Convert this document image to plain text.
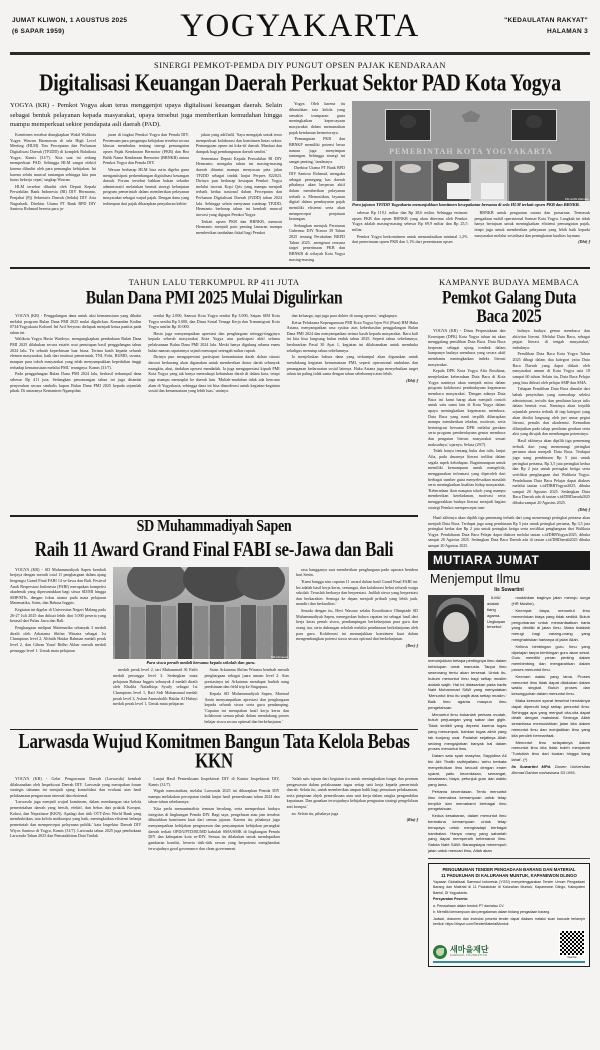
JUMAT KLIWON, 1 AGUSTUS 2025
(6 SAPAR 1959)	YOGYAKARTA	"KEDAULATAN RAKYAT"
HALAMAN 3
SINERGI PEMKOT-PEMDA DIY PUNGUT OPSEN PAJAK KENDARAAN
Digitalisasi Keuangan Daerah Perkuat Sektor PAD Kota Yogya
YOGYA (KR) - Pemkot Yogya akan terus menggenjot upaya digitalisasi keuangan daerah. Selain sebagai bentuk pelayanan kepada masyarakat, upaya tersebut juga memberikan kemudahan hingga mampu memperkuat sektor pendapata asli daerah (PAD).

Komitmen tersebut diungkapkan Wakil Walikota Yogya Wawan Harmawan di sela High Level Meeting (HLM) Tim Percepatan dan Perluasan Digitalisasi Daerah (TP2DD) di komplek Balaikota Yogya, Kamis (31/7). 'Kita saat ini sedang memperkuat PAD. Sehingga HLM sangat efektif karena dihadiri oleh para pemangku kebijakan. Ini karena selalu muncul tantangan sehingga kita pun harus bekerja cepat,' ungkap Wawan.

HLM tersebut dihadiri oleh Deputi Kepala Perwakilan Bank Indonesia (BI) DIY Hermanto, Penjabat (Pj) Sekretaris Daerah (Sekda) DIY Aria Nugrahadi, Direktur Utama PT Bank BPD DIY Santoso Rohmad beserta para ja-

jaran di tingkat Pemkot Yogya dan Pemda DIY. Pertemuan para pengampu kebijakan tersebut secara khusus membahas tentang sinergi pemungutan opsen Pajak Kendaraan Bermotor (PKB) dan Bea Balik Nama Kendaraan Bermotor (BBNKB) antara Pemkot Yogya dan Pemda DIY.

Wawan berharap HLM bisa rutin digelar guna mengantisipasi perkembangan digitalisasi keuangan daerah. Forum tersebut bahkan bukan sekadar administratif melainkan bentuk sinergi kelanjutan program pemerintah dalam memberikan pelayanan masyarakat sebagai wujud pajak. Dengan dana yang terhimpun dari pajak diharapkan penyaluran kebin-

jakan yang adil/adil. 'Saya mengajak untuk terus memperkuat kolaborasi dan komitmen lintas sektor. Pemungutan opsen ini loka-tif daerah. Manfaat dan dampak bagi pembangunan daerah sendiri.'

Sementara Deputi Kepala Perwakilan BI DIY Hermanto, mengaku tahun ini masing-masing daerah dituntut mampu menyusun peta jalan TP2DD sebagai tindak lanjut Perpres 822023. Dirinya pun berharap kesiapan Pemkot Yogya melalui inovasi Kopi Qris yang mampu menjadi terbaik kedua nasional dalam Percepatan dan Perluasan Digitalisasi Daerah (P2DD) tahun 2024 lalu. Sehingga selain menyusun roadmap TP2DD, Hermanto berharap tahun ini kembali muncul inovasi yang digagas Pemkot Yogya.

Terkait opsen PKB dan BBNKB, menurut Hermanto menjadi poin penting lantaran mampu memberikan tambahan fiskal bagi Pemkot

Yogya. Oleh karena itu dibutuhkan tata kelola yang semakin transparan guna meningkatkan kepercayaan masyarakat dalam memunaikan pajak kendaraan bermotornya.

'Pemungutan PKB dan BBNKP memiliki potensi besar namun juga menyimpan tantangan. Sehingga sinergi ini sangat penting,' tandasnya.

Direktur Utama PT Bank BPD DIY Santoso Rohmad, mengaku sebagai pemegang kas daerah pihaknya akan berperan aktif dalam memberikan pelayanan terbaik a. Memastikan, layanan digital dalam pembayaran pajak memiliki efisiensi serta akan mempercepat penjatuan keuangan.

Sedangkan merujuk Peraturan Gubernur DIY Nomor 39 Tahun 2025 tentang Perubahan BKPD Tahun 2025, ,mengenai rencana target penerimaan PKB dan BBNKB di wilayah Kota Yogya masing-masing

PEMERINTAH KOTA YOGYAKARTA
KR-Ardhi Wahdan
Para jajaran TP2DD Yogyakarta menunjukkan komitmen kesepakatan bersama di sela HLM terkait opsen PKB dan BBNKB.

sebesar Rp 119,1 miliar dan Rp 38,6 miliar. Sehingga estimasi opsen PKB dan opsen BBNKB yang akan diterima oleh Pemkot Yogya adalah masing-masing sebesar Rp 69,9 miliar dan Rp 25,5 miliar.

Pemkot Yogya berkomitmen untuk memanfaatkan minimal 1,2% dari penerimaan opsen PKB dan 1,1% dari penerimaan opsen

BBNKB untuk penguatan sarana dan prasarana. Termasuk pengadaan mobil operasional Samsat Kota Yogya. Langkah ini tidak hanya bertujuan untuk meningkatkan efisiensi pemungutan pajak, tetapi juga untuk memberikan pelayanan yang lebih baik kepada masyarakat melalui sosialisasi dan peningkatan kualitas layanan.

(Dhi)-f

TAHUN LALU TERKUMPUL RP 411 JUTA
Bulan Dana PMI 2025 Mulai Digulirkan

YOGYA (KR) - Penggalangan dana untuk aksi kemanusiaan yang dibalut melalui program Bulan Dana PMI 2025 mulai digulirkan. Komandan Kodim 0734/Yogyakarta Kolonel Inf Arif Setyono dielapuk menjadi ketua panitia pada tahun ini.

Walikota Yogya Hasto Wardoyo, mengungkapkan pembukaan Bulan Dana PMI 2025 dilakukan secara estafet usai penutupan hasil penggalangan tahun 2024 lalu. Tri sebuah keperbiruan luar biasa. Terima kasih kepada seluruh elemen masyarakat, baik dari institusi pemerintah, TNI, Polri, BUMD, swasta, maupun para tokoh masyarakat yang telah menyumpukkan kepedulian tinggi terhadap kemanusiaan melalui PMI,' terangnya. Kamis (31/7).

Pada penggalangan Bulan Dana PMI 2024 lalu, berhasil terkumpul dana sebesar Rp 411 juta. Sedangkan pencanangan tahun ini juga ditandai penyerahan secara simbolis kupon Bulan Dana PMI 2025 kepada sejumlah pihak. Di antaranya Kemantren Ngampilan

senilai Rp 2.000, Samsat Kota Yogya senilai Rp 3.000, Satpas SIM Kota Yogya senilai Rp 5.000, dan Dinas Sosial Tenaga Kerja dan Transmigrasi Kota Yogya senilai Rp 10.000.

Hasto juga menyampaikan apresiasi dan penghargaan setinggi-tingginya kepada seluruh masyarakat Kota Yogya atas partisipasi aktif selama pelaksanaan Bulan Dana PMI 2024 lalu. Meski hanya digulung selama enam bulan namun capaiannya sejauh mencapai setengah miliar rupiah.

Dirinya pun mengapresiasi partisipasi kemanfaatan darah dalam situasi darurat berkurang akan digunakan untuk memberikan donor darah sebanyak mungkin, akui, tindakan operasi mendadak. Ia juga mengapresiasi kiprah PMI Kota Yogya yang tak hanya mencukupi kebutuhan darah di dalam kota, tetapi juga mampu mensuplai ke daerah lain. 'Multah-mudahan tidak ada bencana alam di Yogyakarta, sehingga dana ini bisa dimoderasi untuk kegiatan-kegiatan sosial dan kemanusiaan yang lebih luas,' urainya.

dan keluarga, tapi juga para dokter di ruang operasi,' ungkapnya.

Ketua Pelaksana Kepengurusan PMI Kota Yogya Irjen Pol (Purn) HM Haka Astana, menyampaikan rasa syukur atas keberhasilan penggalangan Bulan Dana PMI 2024 dan menyampaikan terima kasih kepada masyarakat. Baru kali ini kita bisa langsung bulan enduk tahun 2025. Seperti tahun sebelumnya, berdasarkan Pasal 30 Ayat 1, kegiatan ini dilaksanakan untuk membuka sekaligus menutup tahun sebelumnya.

Ia menjelaskan bahwa dana yang terkumpul akan digunakan untuk mendukung kegiatan kemanusiaan PMI, seperti operasional ambulans dan penanganan kedaruratan sosial lainnya. Haka Astana juga menyebutkan target tahun ini paling tidak sama dengan tahun sebelumnya atau lebih.

(Dhi)-f

KAMPANYE BUDAYA MEMBACA
Pemkot Galang Duta Baca 2025

YOGYA (KR) - Dinas Perpustakaan dan Kearsipan (DPK) Kota Yogya tahun ini akan menggalang pemilihan Duta Baca. Duta Baca berperan sebagai ujung tombak dalam kampanye budaya membaca yang secara aktif membantu meningkatkan indeks literasi masyarakat.

Kepala DPK Kota Yogya Afia Rosdiana, menjelaskan keberadaan Duta Baca di Kota Yogya nantinya akan menjadi mitra dalam program kolaborasi pembudayaan kegemaran membaca masyarakat. 'Dengan adanya Duta Baca ini kami harap akan menjadi contoh untuk satu sama lain di Kota Yogya dalam upaya meningkatkan kegemaran membaca. Duta Baca yang nanti terpilih diharapkan mampu memberikan teladan, motivasi, serta berintegrasi bersama DPK melalui gerakan serta program pemberdayaan gemar membaca dan pengutan literasi masyarakat sesuai maksudnya,' ujarnya, Selasa (29/7).

Tidak hanya tentang buku dan tulis, lanjut Afia, pada dasarnya literasi terlibat dalam segala aspek kehidupan. Bagaimanapun untuk memiliki kemampuan untuk mengelola, menggunakan informasi yang diperoleh dari berbagai sumber guna menyelesaikan masalah serta meningkatkan kualitas hidup masyarakat. 'Keberadaan ikon maupun tokoh yang mampu memberikan keteladanan, motivasi serta menggerakkan budaya literasi menjadi bagian strategi Pemkot mempercepat tum-

buhnya budaya gemar membaca dan aktivitas literasi. Melalui Duta Baca, sebagai pegiat literasi di tengah masyarakat,' imbuhnya.

Pemilihan Duta Baca Kota Yogya Tahun 2025 dibagi dalam dua kategori yaitu Duta Baca Daerah yang dapat diikuti oleh masyarakat umum di Kota Yogya usia 18 sampai 60 tahun. Selain itu, Duta Baca Pelajar yang bisa diikuti oleh pelajar SMP dan SMA.

Tahapan Pemilihan Duta Baca dimulai dari babak penyisihan yang mencakup seleksi administrasi, tertulis dan penilaian karya tulis dalam bentuk esai. Nantinya akan terpilih sejumlah peserta terbaik di tiap kategori yang akan dinilai langsung oleh juri unsur pegiat literasi, penulis dan akademisi. Kemudian dilanjutkan pada tahap penilaian gerakan serta aksi yang dirujuk dan membangun potensinya.

Hasil akhirnya akan dipilih tiga pemenang terbaik dari yang memenangi peringkat pertama akan menjadi Duta Baca. Terdapat juga uang pembinaan Rp 5 juta untuk peringkat pertama, Rp 3,5 juta peringkat kedua dan Rp 2 juta untuk peringkat ketiga serta sertifikat penghargaan dari Walikota Yogya. Pendaftaran Duta Baca Pelajar dapat diakses melalui tautan s.id/DBBYogyar2025, dibuka sampai 20 Agustus 2025. Sedangkan Duta Baca Daerah ada di tautan s.id/DBDaerah2025 dibuka sampai 20 Agustus 2025.

(Dhi)-f

SD Muhammadiyah Sapen
Raih 11 Award Grand Final FABI se-Jawa dan Bali

YOGYA (KR) - SD Muhammadiyah Sapen kembali berjaya dengan meraih total 11 penghargaan dalam ajang bergengsi Grand Final FABI 14 se-Jawa dan Bali. Festival Anak Berprestasi Indonesia (FABI) merupakan kompetisi akademik yang diperuntukkan bagi siswa SD/MI hingga SMP/MTs, dengan fokus utama pada mata pelajaran Matematika, Sains, dan Bahasa Inggris.

Kegiatan ini digelar di Universitas Negeri Malang pada 26-27 Juli 2025 dan diikuti lebih dari 5.000 peserta yang berasal dari Pulau Jawa dan Bali.

Penghargaan meliputi Matematika sebanyak 3 medali diraih oleh Arkatama Shifan Winatra sebagai 1st Champions level 2, Alifatih Haidar Rahman medali perak level 2, dan Gibran Yusuf Ridho Akbar meraih medali perunggu level 1. Untuk mata pelajaran

KR-Istimewa
Para siswa peraih medali bersama kepala sekolah dan guru.

medali perak level 2, tari Muhammad Al Fatih medali perunggu level 3. Sedangkan mata pelajaran Bahasa Inggris sebanyak 4 medali diraih oleh Khalila Nafadhiqa Syaify sebagai 1st Champions level 1, Raif Sidi Muhammad medali perak level 3, Aslam Amrusholih Haidar Al Habsyi medali perak level 1, Untuk mata pelajaran

Sains Arkatama Shifan Winatra kembali meraih penghargaan sebagai juara umum level 2. Atas prestasinya ini Arkatama mendapat hadiah uang pembinaan dan field trip ke Singapura.

Kepala SD Muhammadiyah Sapen, Maemul Amin menyampaikan apresiasi dan penghargaan kepada seluruh siswa serta guru pendamping. 'Capaian ini merupakan hasil kerja keras dan kolaborasi semua pihak dalam mendukung proses belajar siswa secara optimal dan berkelanjutan.'

rasa bangganya saat memberikan penghargaan pada upacara bendera hari Senin.

'Kami bangga atas capaian 11 award dalam hasil Grand Final FABI ini. Ini adalah hasil kerja keras, semangat, dan kolaborasi hebat seluruh warga sekolah. Teruslah berkarya dan berprestasi. Jadilah siswa yang berprestasi dan berkarakter. Semoga ke depan menjadi pribadi yang lebih jauh, mandiri dan berkualitas.'

Senada dengan itu, Hevi Wasono selaku Koordinator Olimpiade SD Muhammadiyah Sapen, menegaskan bahwa capaian ini sebagai hasil dari kerja keras penuh siswa, pendampingan berkelanjutan para guru dan orang tua, serta dukungan sekolah melalui pembinaan berkelanjutan oleh para guru. Kolaborasi ini menunjukkan komitmen kuat dalam mengembangkan potensi siswa secara optimal dan berkelanjutan.

(Dev)-f

Larwasda Wujud Komitmen Bangun Tata Kelola Bebas KKN

YOGYA (KR) - Gelar Pengawasan Daerah (Larwasda) kembali dilaksanakan oleh Inspektorat Daerah DIY. Larwasda yang merupakan forum strategis tahunan ini menjadi ajang konsolidasi dan evaluasi atas hasil pelaksanaan pengawasan internal dan eksternal.

'Larwasda juga menjadi wujud komitmen, dalam membangun tata kelola pemerintahan daerah yang bersih, efektif, dan bebas dari praktik Korupsi, Kolusi, dan Nepotisme (KKN). Apalagi dari titik OTT-Zero World Bank yang membuktikan, tata kelola antikorupsi yang baik, meningkatkan efisiensi belanja pemerintah dan mempercepat pelayanan publik,' kata Inspektur Daerah DIY Wiyos Santoso di Yogya, Kamis (31/7). Larwasda tahun 2025 juga pembukaan Larwasda Tahun 2025 dan Pemutakhiran Data Tindak

Lanjut Hasil Pemeriksaan Inspektorat DIY di Kantor Inspektorat DIY, Kamis (31/7).

Wiguh mencatatkan, melalui Larwasda 2025 ini diharapkan Pemda DIY mampu melakukan percepatan tindak lanjut hasil pemeriksaan tahun 2024 dan tahun-tahun sebelumnya.

'Kita perlu memunimalisir temuan berulang, serta memperkuat budaya integritas di lingkungan Pemda DIY. Bagi saya, pengelasan atau jam tersebut dibutuhkan komitmen kuat dari semua jajaran. Karena itu, pihaknya juga menyampaikan kebijakan pengawasan dan penyampaian kebijakan perangkat daerah terkait OPD/UPTD/BUMD kabulah SMA/SMK di lingkungan Pemda DIY dan kabupaten kota se-DIY. Semua itu dilakukan untuk mendapatkan gambaran kondisi, beserta titik-titik rawan yang berpotensi menghambat terwujudnya good governance dan clean government.

'Salah satu tujuan dari kegiatan itu untuk meningkatkan fungsi dan peranan pengawasan dalam pelaksanaan tugas setiap unit kerja kepada pemerintah daerah. Selain itu, untuk memberikan umpan balik bagi pemutuan pelaksanaan, serta pimpinan objek pemeriksaan atau unit kerja dalam rangka pengambilan keputusan. Dan gunakan terwujudnya kebijakan penguatan strategi pengelolaan anti korupsi.'

an. Selain itu, pihaknya juga

(Ria)-f

Hasil akhirnya akan dipilih tiga pemenang terbaik dari yang memenangi peringkat pertama akan menjadi Duta Baca. Terdapat juga uang pembinaan Rp 5 juta untuk peringkat pertama, Rp 3,5 juta peringkat kedua dan Rp 2 juta untuk peringkat ketiga serta sertifikat penghargaan dari Walikota Yogya. Pendaftaran Duta Baca Pelajar dapat diakses melalui tautan s.id/DBBYogyar2025, dibuka sampai 20 Agustus 2025. Sedangkan Duta Baca Daerah ada di tautan s.id/DBDaerah2025 dibuka sampai 20 Agustus 2025.

MUTIARA JUMAT
Menjemput Ilmu
Iis Suwartini

ILMU adalah tiang agama. Ungkapan tersebut menunjukkan betapa pentingnya ilmu dalam kehidupan umat manusia. Tanpa ilmu seseorang tentu akan tersesat. Untuk itu, hukum menuntut ilmu bagi setiap muslim adalah wajib. Hal ini didasarkan pada hadis Nabi Muhammad SAW yang menyatakan 'Menuntut ilmu itu wajib atas setiap muslim.' Baik ilmu agama maupun ilmu pengetahuan.

Menuntut ilmu bukanlah perkara mudah, butuh perjuangan yang sabar dan gigih. Tidak sedikit yang depresi karena tugas yang menumpuk, bahkan tugas akhir yang tak kunjung usai. Padahal sejatinya Allah sedang mengajarkan banyak hal dalam proses menuntut ilmu.

Dalam satu syair masyhur, Sayyidina Ali bin Abi Thalib radhiyallahu 'anhu berkata menyebutkan ilmu kecuali dengan enam syarat, yaitu kecerdasan, semangat, kesabaran, biaya, petunjuk guru dan waktu yang lama.

Pertama kecerdasan. Tentu menuntut ilmu bermakna kemampuan untuk tetap berpikir dan memahami berbagai ilmu pengetahuan.

Kedua kesabaran, dalam menuntut ilmu bermakna kemampuan untuk tetap berupaya untuk menghadapi berbagai hambatan. Hanya orang yang sabarlah yang dapat memperaih kebenaran ilmu. Sabda Nabi SAW: Barangsiapa menempuh jalan untuk mencari ilmu, Allah akan

mudahkan baginya jalan menuju surga (HR Muslim).

Keempat biaya, menuntut ilmu memerlukan biaya yang tidak sedikit. Butuh pengorbanan untuk memanfaatkan harta yang dimiliki di jalan Ilmu. Maka tidaklah merugi bagi oarang-orang yang menghabiskan hartanya di jalan Allah.

Kelima bimbingan guru. Ilmu yang dipelajari tanpa bimbingan guru akan sesat. Guru memiliki peran penting dalam membimbing dan mengarahkan dalam proses menuntut ilmu.

Keenam waktu yang lama. Proses menuntut ilmu tidak dapat dilakukan dalam waktu singkat. Butuh proses dan kesungguhan dalam menuntut ilmu.

Maka keenam syarat tersebut hendaknya dapat dipenuhi bagi setiap penuntut ilmu. Sehingga apa yang menjadi cita-cita dapat diraih dengan maksimal. Semoga Allah senantiasa memudahkan jalan kita dalam menuntut ilmu dan menjadikan ilmu yang kita peroleh bermanfaat.

Menuntut ilmu selayaknya dalam menuntut ilmu kita tidak boleh menyerah 'Tuntutlah ilmu dari buaian hingga liang lahat'. (*)

Iis Suwartini MPd. Dosen Universitas Ahmad Dahlan mahasiswa S3 UNS.

PENGUMUMAN TENDER PENGADAAN BARANG DAN MATERIAL
11 PADUKUHAN DI KALURAHAN MUNTUK, KAPANEWON DLINGO

Yayasan Globalisasi Saemaul Indonesia (YGSI) menyelenggarakan Tender Umum Pengadaan Barang dan Material di 11 Padukuhan di Kalurahan Muntuk, Kapanewon Dlingo, Kabupaten Bantul, DI Yogyakarta.

Persyaratan Peserta:

a. Perusahaan dalam bentuk PT dan/atau CV.

b. Memiliki kemampuan dan pengalaman dalam bidang pengadaan barang.

Jadwal, dokumen dan instruksi peserta tender dapat diakses melalui scan barcode terlampir berikut: https://tinyurl.com/TenderMaterialMuntuk

새마을재단
SAEMAUL FOUNDATION
Scan Me
